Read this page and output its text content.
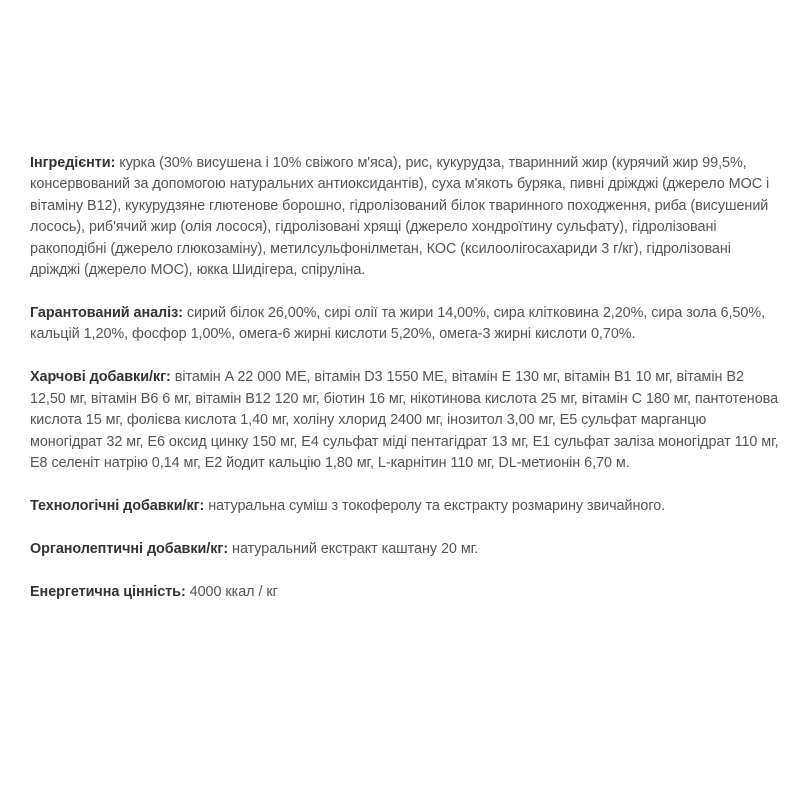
Інгредієнти: курка (30% висушена і 10% свіжого м'яса), рис, кукурудза, тваринний жир (курячий жир 99,5%, консервований за допомогою натуральних антиоксидантів), суха м'якоть буряка, пивні дріжджі (джерело МОС і вітаміну В12), кукурудзяне глютенове борошно, гідролізований білок тваринного походження, риба (висушений лосось), риб'ячий жир (олія лосося), гідролізовані хрящі (джерело хондроїтину сульфату), гідролізовані ракоподібні (джерело глюкозаміну), метилсульфонілметан, КОС (ксилоолігосахариди 3 г/кг), гідролізовані дріжджі (джерело МОС), юкка Шидігера, спіруліна.

Гарантований аналіз: сирий білок 26,00%, сирі олії та жири 14,00%, сира клітковина 2,20%, сира зола 6,50%, кальцій 1,20%, фосфор 1,00%, омега-6 жирні кислоти 5,20%, омега-3 жирні кислоти 0,70%.

Харчові добавки/кг: вітамін A 22 000 МЕ, вітамін D3 1550 МЕ, вітамін E 130 мг, вітамін B1 10 мг, вітамін B2 12,50 мг, вітамін B6 6 мг, вітамін B12 120 мг, біотин 16 мг, нікотинова кислота 25 мг, вітамін C 180 мг, пантотенова кислота 15 мг, фолієва кислота 1,40 мг, холіну хлорид 2400 мг, інозитол 3,00 мг, E5 сульфат марганцю моногідрат 32 мг, E6 оксид цинку 150 мг, E4 сульфат міді пентагідрат 13 мг, E1 сульфат заліза моногідрат 110 мг, E8 селеніт натрію 0,14 мг, E2 йодит кальцію 1,80 мг, L-карнітин 110 мг, DL-метионін 6,70 м.

Технологічні добавки/кг: натуральна суміш з токоферолу та екстракту розмарину звичайного.

Органолептичні добавки/кг: натуральний екстракт каштану 20 мг.

Енергетична цінність: 4000 ккал / кг
